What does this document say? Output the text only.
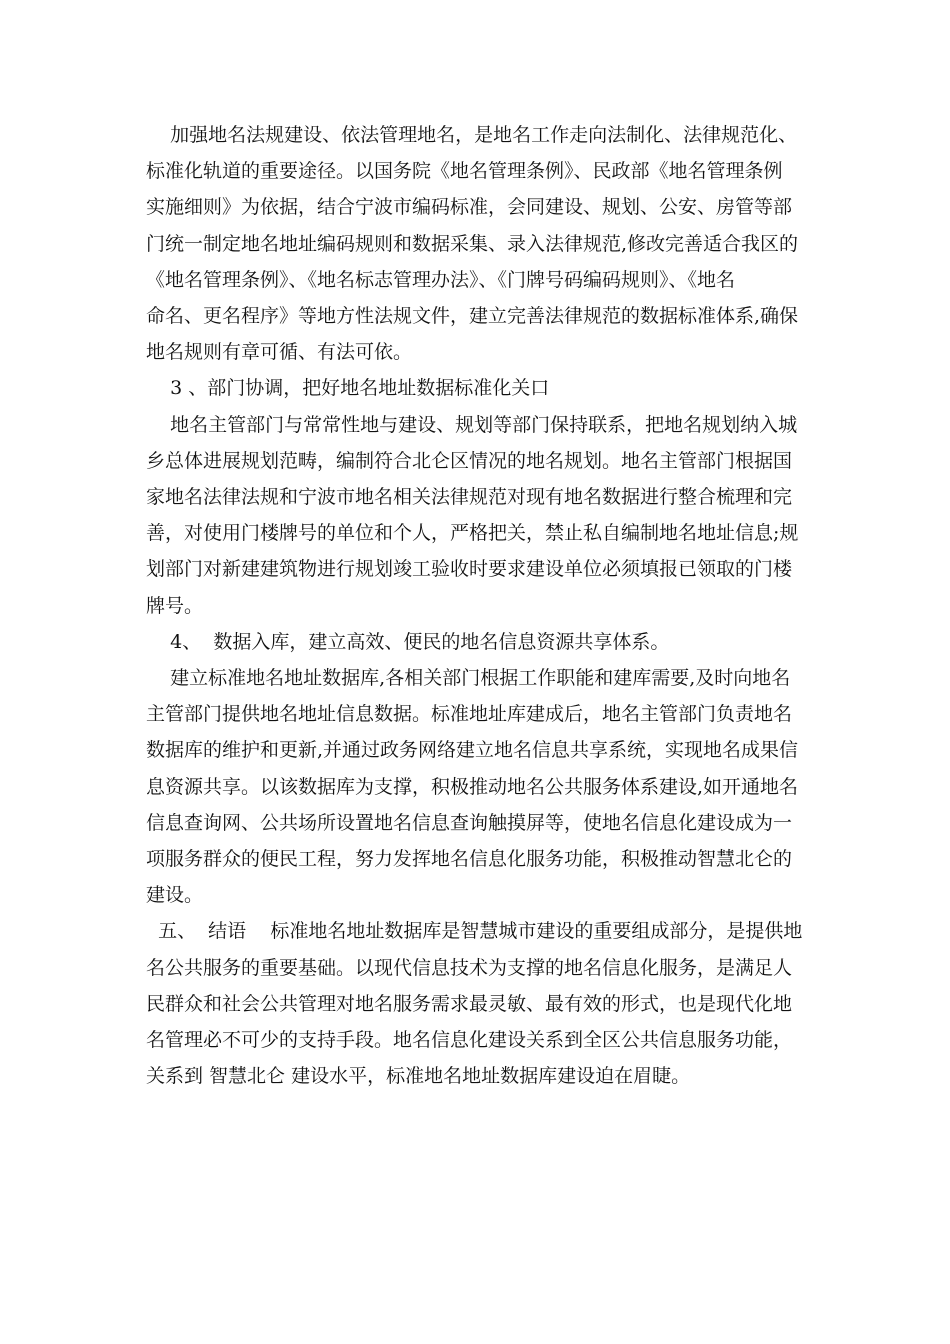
加强地名法规建设、依法管理地名，是地名工作走向法制化、法律规范化、
标准化轨道的重要途径。以国务院《地名管理条例》、民政部《地名管理条例
实施细则》为依据，结合宁波市编码标准，会同建设、规划、公安、房管等部
门统一制定地名地址编码规则和数据采集、录入法律规范,修改完善适合我区的
《地名管理条例》、《地名标志管理办法》、《门牌号码编码规则》、《地名
命名、更名程序》等地方性法规文件，建立完善法律规范的数据标准体系,确保
地名规则有章可循、有法可依。
3 、部门协调，把好地名地址数据标准化关口
地名主管部门与常常性地与建设、规划等部门保持联系，把地名规划纳入城
乡总体进展规划范畴，编制符合北仑区情况的地名规划。地名主管部门根据国
家地名法律法规和宁波市地名相关法律规范对现有地名数据进行整合梳理和完
善，对使用门楼牌号的单位和个人，严格把关，禁止私自编制地名地址信息;规
划部门对新建建筑物进行规划竣工验收时要求建设单位必须填报已领取的门楼
牌号。
4、  数据入库，建立高效、便民的地名信息资源共享体系。
建立标准地名地址数据库,各相关部门根据工作职能和建库需要,及时向地名
主管部门提供地名地址信息数据。标准地址库建成后，地名主管部门负责地名
数据库的维护和更新,并通过政务网络建立地名信息共享系统，实现地名成果信
息资源共享。以该数据库为支撑，积极推动地名公共服务体系建设,如开通地名
信息查询网、公共场所设置地名信息查询触摸屏等，使地名信息化建设成为一
项服务群众的便民工程，努力发挥地名信息化服务功能，积极推动智慧北仑的
建设。
五、  结语    标准地名地址数据库是智慧城市建设的重要组成部分，是提供地
名公共服务的重要基础。以现代信息技术为支撑的地名信息化服务，是满足人
民群众和社会公共管理对地名服务需求最灵敏、最有效的形式，也是现代化地
名管理必不可少的支持手段。地名信息化建设关系到全区公共信息服务功能，
关系到 智慧北仑 建设水平，标准地名地址数据库建设迫在眉睫。
